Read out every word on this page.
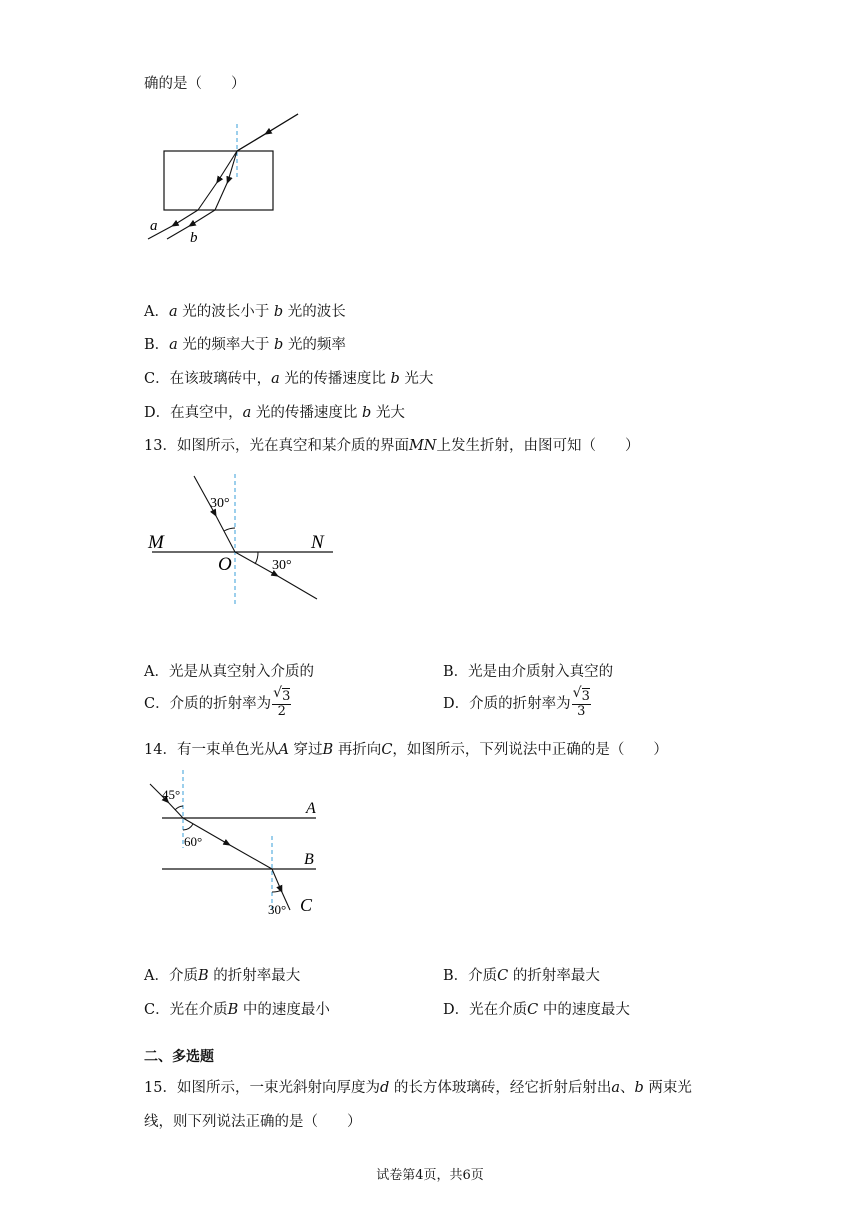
确的是（　　）
a
b
A．a 光的波长小于 b 光的波长
B．a 光的频率大于 b 光的频率
C．在该玻璃砖中，a 光的传播速度比 b 光大
D．在真空中，a 光的传播速度比 b 光大
13．如图所示，光在真空和某介质的界面MN上发生折射，由图可知（　　）
30°
30°
M	N
O
A．光是从真空射入介质的	B．光是由介质射入真空的
C．介质的折射率为 $\frac{√ 3}{2}$	D．介质的折射率为 $\frac{√ 3}{3}$
14．有一束单色光从A 穿过B 再折向C，如图所示，下列说法中正确的是（　　）
45°
60°
30°
A
B
C
A．介质B 的折射率最大	B．介质C 的折射率最大
C．光在介质B 中的速度最小	D．光在介质C 中的速度最大
二、多选题
15．如图所示，一束光斜射向厚度为d 的长方体玻璃砖，经它折射后射出a、b 两束光
线，则下列说法正确的是（　　）
试卷第4页，共6页
